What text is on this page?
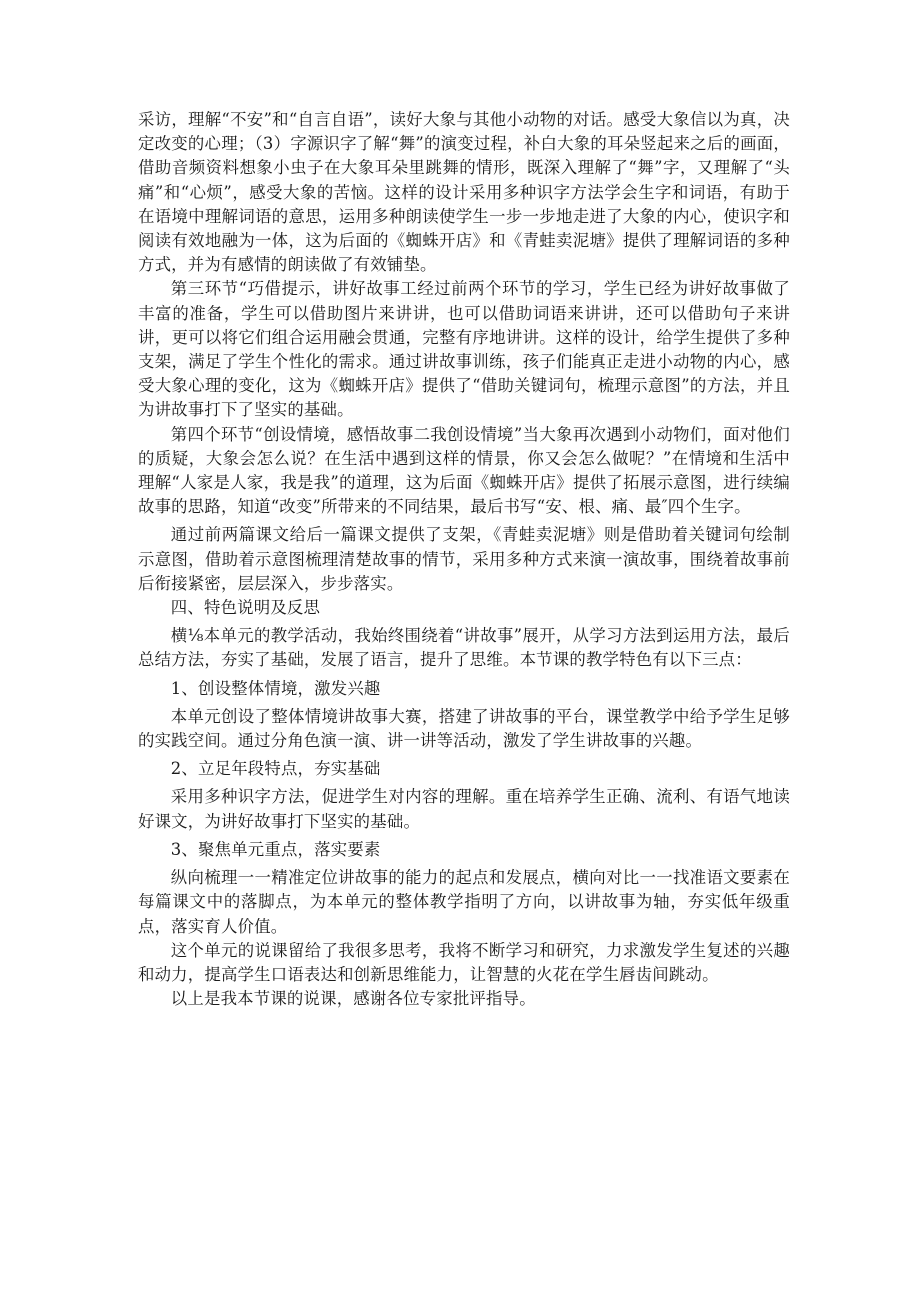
采访，理解“不安”和“自言自语”，读好大象与其他小动物的对话。感受大象信以为真，决定改变的心理；（3）字源识字了解“舞”的演变过程，补白大象的耳朵竖起来之后的画面，借助音频资料想象小虫子在大象耳朵里跳舞的情形，既深入理解了“舞”字，又理解了“头痛”和“心烦”，感受大象的苦恼。这样的设计采用多种识字方法学会生字和词语，有助于在语境中理解词语的意思，运用多种朗读使学生一步一步地走进了大象的内心，使识字和阅读有效地融为一体，这为后面的《蜘蛛开店》和《青蛙卖泥塘》提供了理解词语的多种方式，并为有感情的朗读做了有效铺垫。

第三环节“巧借提示，讲好故事工经过前两个环节的学习，学生已经为讲好故事做了丰富的准备，学生可以借助图片来讲讲，也可以借助词语来讲讲，还可以借助句子来讲讲，更可以将它们组合运用融会贯通，完整有序地讲讲。这样的设计，给学生提供了多种支架，满足了学生个性化的需求。通过讲故事训练，孩子们能真正走进小动物的内心，感受大象心理的变化，这为《蜘蛛开店》提供了“借助关键词句，梳理示意图”的方法，并且为讲故事打下了坚实的基础。

第四个环节“创设情境，感悟故事二我创设情境”当大象再次遇到小动物们，面对他们的质疑，大象会怎么说？在生活中遇到这样的情景，你又会怎么做呢？”在情境和生活中理解“人家是人家，我是我”的道理，这为后面《蜘蛛开店》提供了拓展示意图，进行续编故事的思路，知道“改变”所带来的不同结果，最后书写“安、根、痛、最″四个生字。

通过前两篇课文给后一篇课文提供了支架，《青蛙卖泥塘》则是借助着关键词句绘制示意图，借助着示意图梳理清楚故事的情节，采用多种方式来演一演故事，围绕着故事前后衔接紧密，层层深入，步步落实。

四、特色说明及反思

横⅛本单元的教学活动，我始终围绕着“讲故事”展开，从学习方法到运用方法，最后总结方法，夯实了基础，发展了语言，提升了思维。本节课的教学特色有以下三点：

1、创设整体情境，激发兴趣

本单元创设了整体情境讲故事大赛，搭建了讲故事的平台，课堂教学中给予学生足够的实践空间。通过分角色演一演、讲一讲等活动，激发了学生讲故事的兴趣。

2、立足年段特点，夯实基础

采用多种识字方法，促进学生对内容的理解。重在培养学生正确、流利、有语气地读好课文，为讲好故事打下坚实的基础。

3、聚焦单元重点，落实要素

纵向梳理一一精准定位讲故事的能力的起点和发展点，横向对比一一找准语文要素在每篇课文中的落脚点，为本单元的整体教学指明了方向，以讲故事为轴，夯实低年级重点，落实育人价值。

这个单元的说课留给了我很多思考，我将不断学习和研究，力求激发学生复述的兴趣和动力，提高学生口语表达和创新思维能力，让智慧的火花在学生唇齿间跳动。

以上是我本节课的说课，感谢各位专家批评指导。
